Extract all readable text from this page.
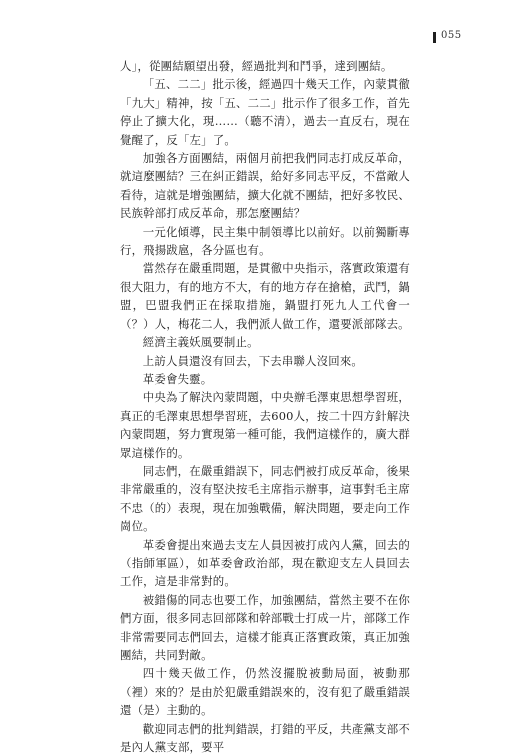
055

人」，從團結願望出發，經過批判和鬥爭，達到團結。

「五、二二」批示後，經過四十幾天工作，內蒙貫徹「九大」精神，按「五、二二」批示作了很多工作，首先停止了擴大化，現……（聽不清），過去一直反右，現在覺醒了，反「左」了。

加強各方面團結，兩個月前把我們同志打成反革命，就這麼團結？三在糾正錯誤，給好多同志平反，不當敵人看待，這就是增強團結，擴大化就不團結，把好多牧民、民族幹部打成反革命，那怎麼團結？

一元化傾導，民主集中制領導比以前好。以前獨斷專行，飛揚跋扈，各分區也有。

當然存在嚴重問題，是貫徹中央指示，落實政策還有很大阻力，有的地方不大，有的地方存在搶槍，武鬥，鍋盟，巴盟我們正在採取措施，鍋盟打死九人工代會一（？）人，梅花二人，我們派人做工作，還要派部隊去。

經濟主義妖風要制止。

上訪人員還沒有回去，下去串聯人沒回來。

革委會失靈。

中央為了解決內蒙問題，中央辦毛澤東思想學習班，真正的毛澤東思想學習班，去600人，按二十四方針解決內蒙問題，努力實現第一種可能，我們這樣作的，廣大群眾這樣作的。

同志們，在嚴重錯誤下，同志們被打成反革命，後果非常嚴重的，沒有堅決按毛主席指示辦事，這事對毛主席不忠（的）表現，現在加強戰備，解決問題，要走向工作崗位。

革委會提出來過去支左人員因被打成內人黨，回去的（指師軍區），如革委會政治部，現在歡迎支左人員回去工作，這是非常對的。

被錯傷的同志也要工作，加強團結，當然主要不在你們方面，很多同志回部隊和幹部戰士打成一片，部隊工作非常需要同志們回去，這樣才能真正落實政策，真正加強團結，共同對敵。

四十幾天做工作，仍然沒擺脫被動局面，被動那（裡）來的？是由於犯嚴重錯誤來的，沒有犯了嚴重錯誤還（是）主動的。

歡迎同志們的批判錯誤，打錯的平反，共產黨支部不是內人黨支部，要平
